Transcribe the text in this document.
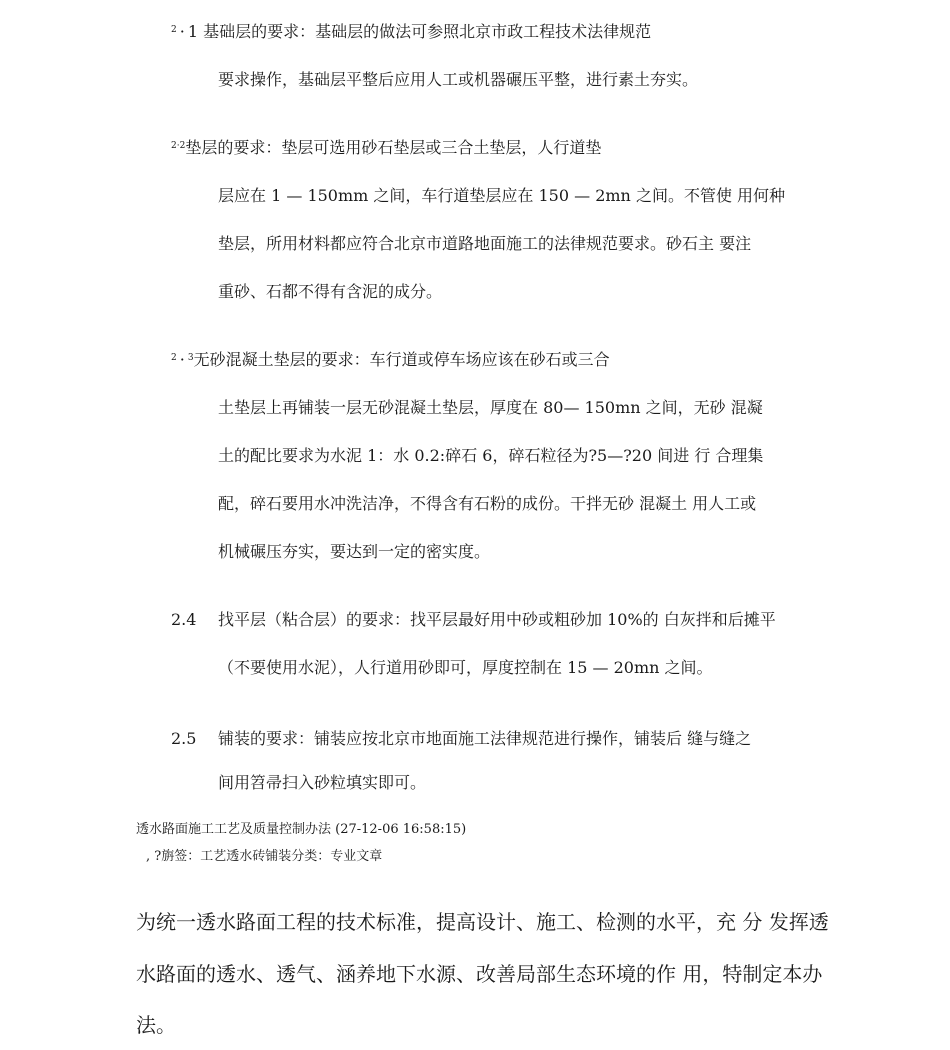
$^2$ · 1 基础层的要求：基础层的做法可参照北京市政工程技术法律规范
要求操作，基础层平整后应用人工或机器碾压平整，进行素土夯实。
$^{2\cdot 2}$垫层的要求：垫层可选用砂石垫层或三合土垫层，人行道垫
层应在 1 — 150mm 之间，车行道垫层应在 150 — 2mn 之间。不管使 用何种
垫层，所用材料都应符合北京市道路地面施工的法律规范要求。砂石主 要注
重砂、石都不得有含泥的成分。
$^2$ · $^3$无砂混凝土垫层的要求：车行道或停车场应该在砂石或三合
土垫层上再铺装一层无砂混凝土垫层，厚度在 80— 150mn 之间，无砂 混凝
土的配比要求为水泥 1：水 0.2:碎石 6，碎石粒径为?5—?20 间进 行 合理集
配，碎石要用水冲洗洁净，不得含有石粉的成份。干拌无砂 混凝土 用人工或
机械碾压夯实，要达到一定的密实度。
2.4 找平层（粘合层）的要求：找平层最好用中砂或粗砂加 10%的 白灰拌和后摊平
（不要使用水泥），人行道用砂即可，厚度控制在 15 — 20mn 之间。
2.5 铺装的要求：铺装应按北京市地面施工法律规范进行操作，铺装后 缝与缝之
间用笤帚扫入砂粒填实即可。
透水路面施工工艺及质量控制办法 (27-12-06 16:58:15)
, ?旃签：工艺透水砖铺装分类：专业文章
为统一透水路面工程的技术标准，提高设计、施工、检测的水平，充 分 发挥透
水路面的透水、透气、涵养地下水源、改善局部生态环境的作 用，特制定本办
法。
